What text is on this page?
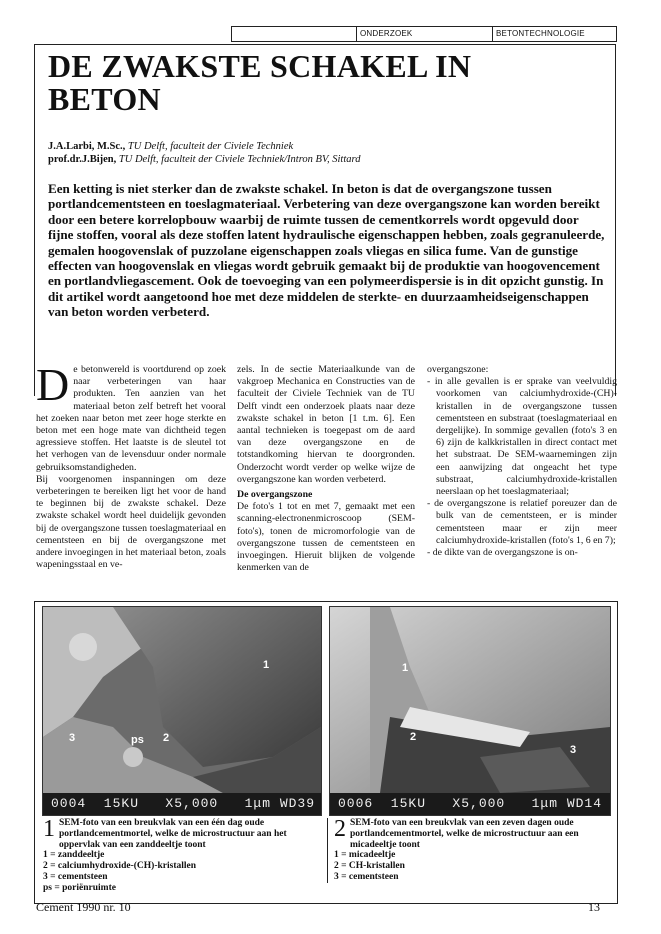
ONDERZOEK	BETONTECHNOLOGIE
DE ZWAKSTE SCHAKEL IN BETON
J.A.Larbi, M.Sc., TU Delft, faculteit der Civiele Techniek
prof.dr.J.Bijen, TU Delft, faculteit der Civiele Techniek/Intron BV, Sittard

Een ketting is niet sterker dan de zwakste schakel. In beton is dat de overgangszone tussen portlandcementsteen en toeslagmateriaal. Verbetering van deze overgangszone kan worden bereikt door een betere korrelopbouw waarbij de ruimte tussen de cementkorrels wordt opgevuld door fijne stoffen, vooral als deze stoffen latent hydraulische eigenschappen hebben, zoals gegranuleerde, gemalen hoogovenslak of puzzolane eigenschappen zoals vliegas en silica fume. Van de gunstige effecten van hoogovenslak en vliegas wordt gebruik gemaakt bij de produktie van hoogovencement en portlandvliegascement. Ook de toevoeging van een polymeerdispersie is in dit opzicht gunstig. In dit artikel wordt aangetoond hoe met deze middelen de sterkte- en duurzaamheidseigenschappen van beton worden verbeterd.

D e betonwereld is voortdurend op zoek naar verbeteringen van haar produkten. Ten aanzien van het materiaal beton zelf betreft het vooral het zoeken naar beton met zeer hoge sterkte en beton met een hoge mate van dichtheid tegen agressieve stoffen. Het laatste is de sleutel tot het verhogen van de levensduur onder normale gebruiksomstandigheden.

Bij voorgenomen inspanningen om deze verbeteringen te bereiken ligt het voor de hand te beginnen bij de zwakste schakel. Deze zwakste schakel wordt heel duidelijk gevonden bij de overgangszone tussen toeslagmateriaal en cementsteen en bij de overgangszone met andere invoegingen in het materiaal beton, zoals wapeningsstaal en ve-

zels. In de sectie Materiaalkunde van de vakgroep Mechanica en Constructies van de faculteit der Civiele Techniek van de TU Delft vindt een onderzoek plaats naar deze zwakste schakel in beton [1 t.m. 6]. Een aantal technieken is toegepast om de aard van deze overgangszone en de totstandkoming hiervan te doorgronden. Onderzocht wordt verder op welke wijze de overgangszone kan worden verbeterd.

De overgangszone

De foto's 1 tot en met 7, gemaakt met een scanning-electronenmicroscoop (SEM-foto's), tonen de micromorfologie van de overgangszone tussen de cementsteen en invoegingen. Hieruit blijken de volgende kenmerken van de

overgangszone:

- in alle gevallen is er sprake van veelvuldig voorkomen van calciumhydroxide-(CH)-kristallen in de overgangszone tussen cementsteen en substraat (toeslagmateriaal en dergelijke). In sommige gevallen (foto's 3 en 6) zijn de kalkkristallen in direct contact met het substraat. De SEM-waarnemingen zijn een aanwijzing dat ongeacht het type substraat, calciumhydroxide-kristallen neerslaan op het toeslagmateriaal;
- de overgangszone is relatief poreuzer dan de bulk van de cementsteen, er is minder cementsteen maar er zijn meer calciumhydroxide-kristallen (foto's 1, 6 en 7);
- de dikte van de overgangszone is on-
1
2
3	ps
0004  15KU   X5,000   1μm WD39
1
2
3
0006  15KU   X5,000   1μm WD14
1 SEM-foto van een breukvlak van een één dag oude portlandcementmortel, welke de microstructuur aan het oppervlak van een zanddeeltje toont
1 = zanddeeltje
2 = calciumhydroxide-(CH)-kristallen
3 = cementsteen
ps = poriënruimte
2 SEM-foto van een breukvlak van een zeven dagen oude portlandcementmortel, welke de microstructuur aan een micadeeltje toont
1 = micadeeltje
2 = CH-kristallen
3 = cementsteen
Cement 1990 nr. 10	13
